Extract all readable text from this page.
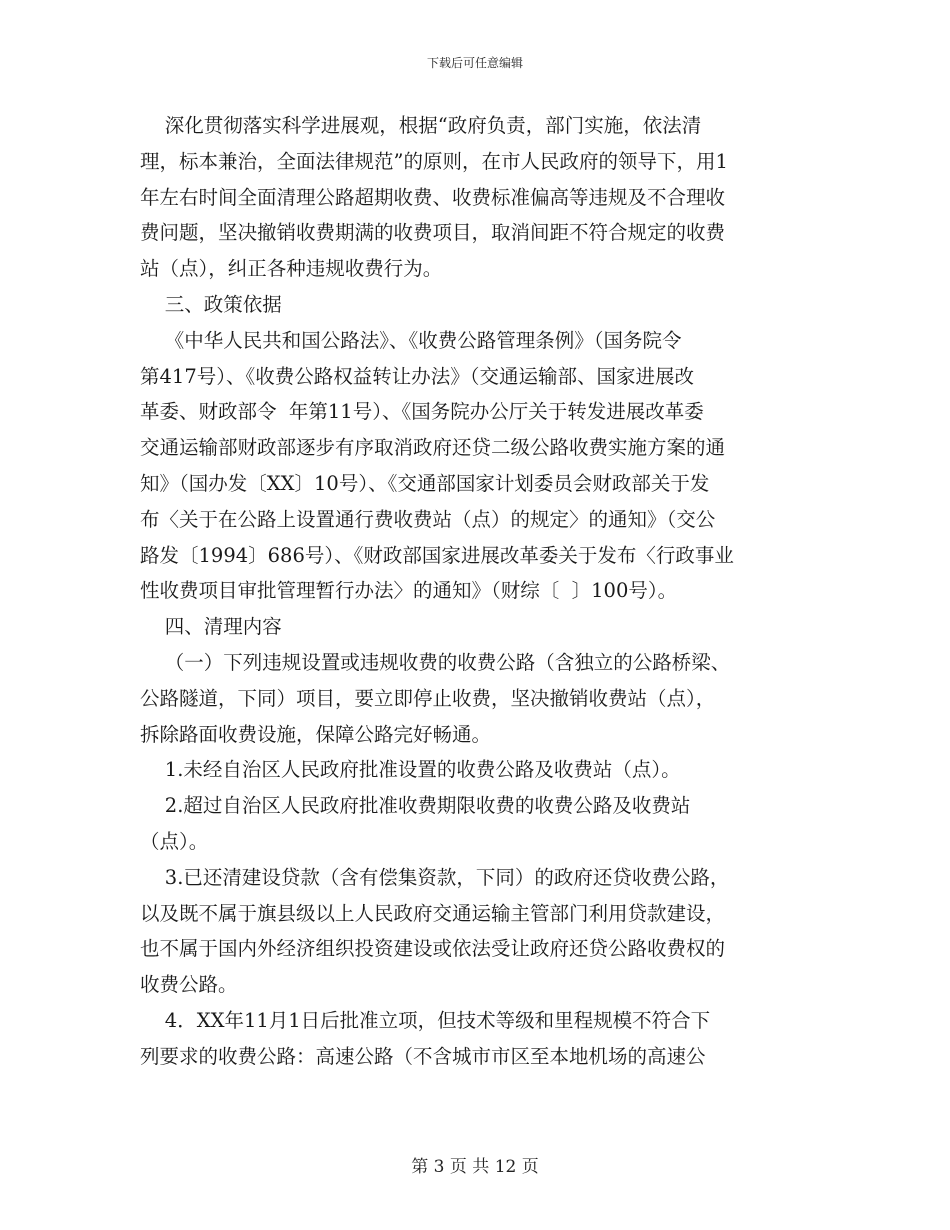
下载后可任意编辑

深化贯彻落实科学进展观，根据“政府负责，部门实施，依法清

理，标本兼治，全面法律规范”的原则，在市人民政府的领导下，用1

年左右时间全面清理公路超期收费、收费标准偏高等违规及不合理收

费问题，坚决撤销收费期满的收费项目，取消间距不符合规定的收费

站（点），纠正各种违规收费行为。

三、政策依据

《中华人民共和国公路法》、《收费公路管理条例》（国务院令

第417号）、《收费公路权益转让办法》（交通运输部、国家进展改

革委、财政部令  年第11号）、《国务院办公厅关于转发进展改革委

交通运输部财政部逐步有序取消政府还贷二级公路收费实施方案的通

知》（国办发〔XX〕10号）、《交通部国家计划委员会财政部关于发

布〈关于在公路上设置通行费收费站（点）的规定〉的通知》（交公

路发〔1994〕686号）、《财政部国家进展改革委关于发布〈行政事业

性收费项目审批管理暂行办法〉的通知》（财综〔  〕100号）。

四、清理内容

（一）下列违规设置或违规收费的收费公路（含独立的公路桥梁、

公路隧道，下同）项目，要立即停止收费，坚决撤销收费站（点），

拆除路面收费设施，保障公路完好畅通。

1.未经自治区人民政府批准设置的收费公路及收费站（点）。

2.超过自治区人民政府批准收费期限收费的收费公路及收费站

（点）。

3.已还清建设贷款（含有偿集资款，下同）的政府还贷收费公路，

以及既不属于旗县级以上人民政府交通运输主管部门利用贷款建设，

也不属于国内外经济组织投资建设或依法受让政府还贷公路收费权的

收费公路。

4．XX年11月1日后批准立项，但技术等级和里程规模不符合下

列要求的收费公路：高速公路（不含城市市区至本地机场的高速公

第 3 页 共 12 页
